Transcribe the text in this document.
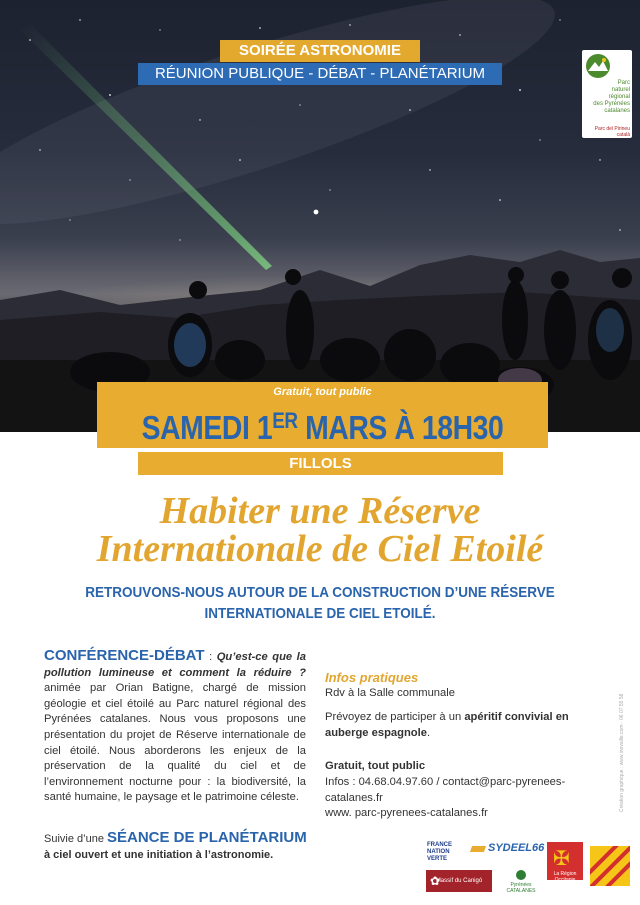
SOIRÉE ASTRONOMIE
RÉUNION PUBLIQUE - DÉBAT - PLANÉTARIUM
Parc
naturel
régional
des Pyrénées
catalanes
Parc del Pirineu català
Gratuit, tout public
SAMEDI 1ER MARS À 18H30
FILLOLS
Habiter une Réserve
Internationale de Ciel Etoilé
RETROUVONS-NOUS AUTOUR DE LA CONSTRUCTION D’UNE RÉSERVE
INTERNATIONALE DE CIEL ETOILÉ.
CONFÉRENCE-DÉBAT : Qu’est-ce que la pollution lumineuse et comment la réduire ? animée par Orian Batigne, chargé de mission géologie et ciel étoilé au Parc naturel régional des Pyrénées catalanes. Nous vous proposons une présentation du projet de Réserve internationale de ciel étoilé. Nous aborderons les enjeux de la préservation de la qualité du ciel et de l’environnement nocturne pour : la biodiversité, la santé humaine, le paysage et le patrimoine céleste.
Suivie d’une SÉANCE DE PLANÉTARIUM
à ciel ouvert et une initiation à l’astronomie.
Infos pratiques
Rdv à la Salle communale
Prévoyez de participer à un apéritif convivial en auberge espagnole.
Gratuit, tout public
Infos : 04.68.04.97.60 / contact@parc-pyrenees-catalanes.fr
www. parc-pyrenees-catalanes.fr
Création graphique : www.inovaille.com · 06 07 55 58
FRANCE NATION VERTE
SYDEEL66 ✠
La Région Occitanie
✿
Massif du Canigó
Pyrénées CATALANES
